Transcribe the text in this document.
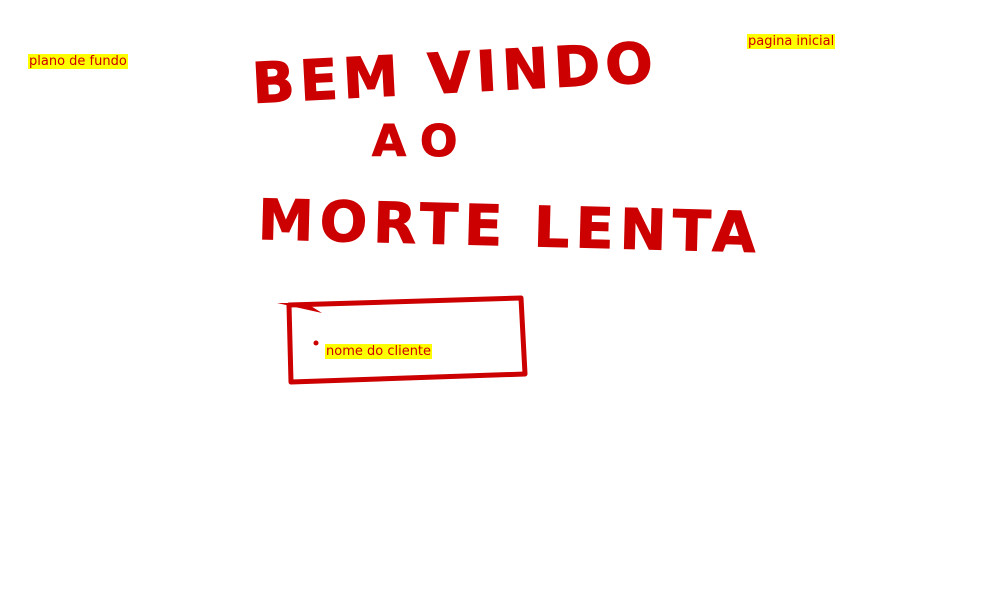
plano de fundo
pagina inicial
BEM VINDO
AO
MORTE LENTA
nome do cliente
